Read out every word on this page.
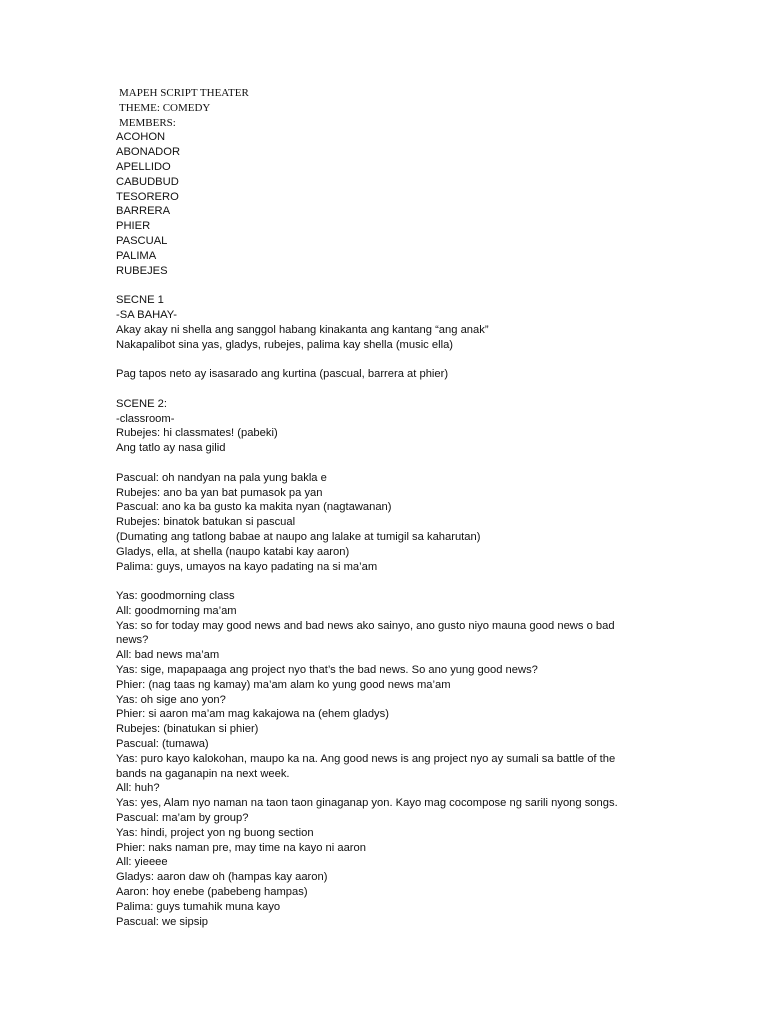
MAPEH SCRIPT THEATER
THEME: COMEDY
MEMBERS:
ACOHON
ABONADOR
APELLIDO
CABUDBUD
TESORERO
BARRERA
PHIER
PASCUAL
PALIMA
RUBEJES
SECNE 1
-SA BAHAY-
Akay akay ni shella ang sanggol habang kinakanta ang kantang “ang anak”
Nakapalibot sina yas, gladys, rubejes, palima kay shella (music ella)
Pag tapos neto ay isasarado ang kurtina (pascual, barrera at phier)
SCENE 2:
-classroom-
Rubejes: hi classmates! (pabeki)
Ang tatlo ay nasa gilid
Pascual: oh nandyan na pala yung bakla e
Rubejes: ano ba yan bat pumasok pa yan
Pascual: ano ka ba gusto ka makita nyan (nagtawanan)
Rubejes: binatok batukan si pascual
(Dumating ang tatlong babae at naupo ang lalake at tumigil sa kaharutan)
Gladys, ella, at shella (naupo katabi kay aaron)
Palima: guys, umayos na kayo padating na si ma’am
Yas: goodmorning class
All: goodmorning ma’am
Yas: so for today may good news and bad news ako sainyo, ano gusto niyo mauna good news o bad news?
All: bad news ma’am
Yas: sige, mapapaaga ang project nyo that’s the bad news. So ano yung good news?
Phier: (nag taas ng kamay) ma’am alam ko yung good news ma’am
Yas: oh sige ano yon?
Phier: si aaron ma’am mag kakajowa na (ehem gladys)
Rubejes: (binatukan si phier)
Pascual: (tumawa)
Yas: puro kayo kalokohan, maupo ka na. Ang good news is ang project nyo ay sumali sa battle of the bands na gaganapin na next week.
All: huh?
Yas: yes, Alam nyo naman na taon taon ginaganap yon. Kayo mag cocompose ng sarili nyong songs.
Pascual: ma’am by group?
Yas: hindi, project yon ng buong section
Phier: naks naman pre, may time na kayo ni aaron
All: yieeee
Gladys: aaron daw oh (hampas kay aaron)
Aaron: hoy enebe (pabebeng hampas)
Palima: guys tumahik muna kayo
Pascual: we sipsip
